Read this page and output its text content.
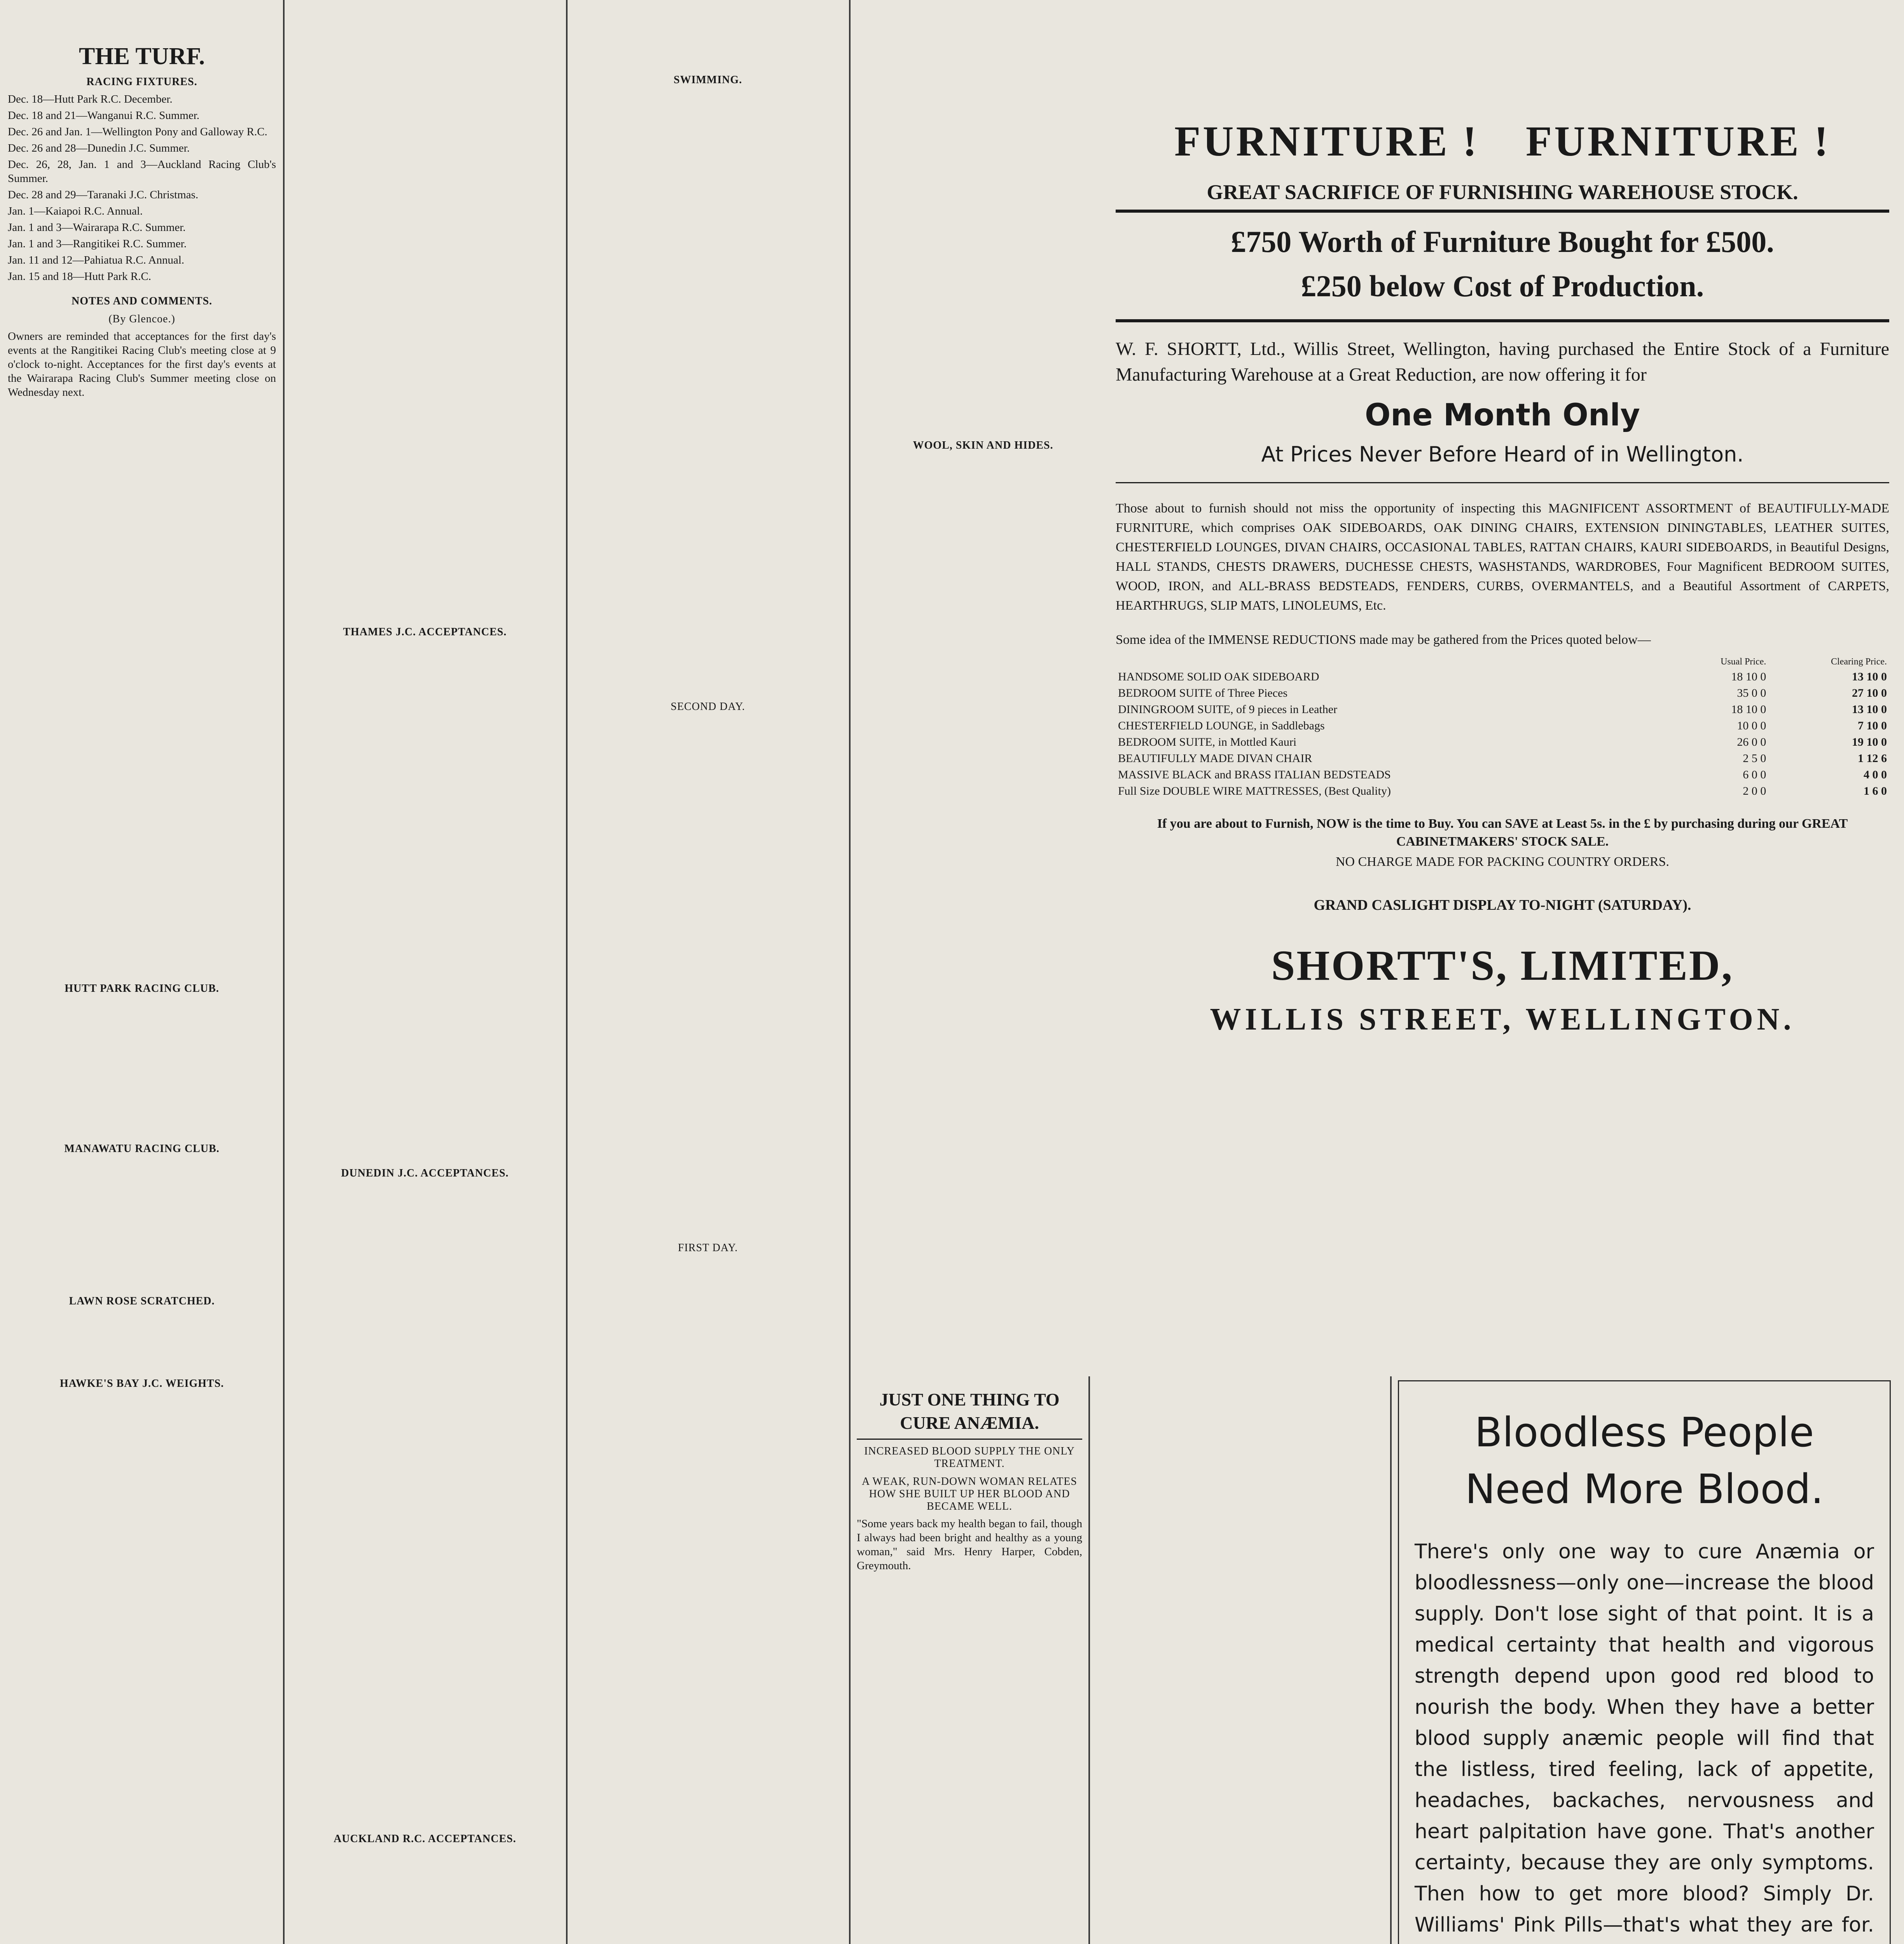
THE TURF.
RACING FIXTURES.
Dec. 18—Hutt Park R.C. December.
Dec. 18 and 21—Wanganui R.C. Summer.
Dec. 26 and Jan. 1—Wellington Pony and Galloway R.C.
Dec. 26 and 28—Dunedin J.C. Summer.
Dec. 26, 28, Jan. 1 and 3—Auckland Racing Club's Summer.
Dec. 28 and 29—Taranaki J.C. Christmas.
Jan. 1—Kaiapoi R.C. Annual.
Jan. 1 and 3—Wairarapa R.C. Summer.
Jan. 1 and 3—Rangitikei R.C. Summer.
Jan. 11 and 12—Pahiatua R.C. Annual.
Jan. 15 and 18—Hutt Park R.C.
NOTES AND COMMENTS.
(By Glencoe.)
Owners are reminded that acceptances for the first day's events at the Rangitikei Racing Club's meeting close at 9 o'clock to-night. Acceptances for the first day's events at the Wairarapa Racing Club's Summer meeting close on Wednesday next.
HUTT PARK RACING CLUB.
MANAWATU RACING CLUB.
LAWN ROSE SCRATCHED.
HAWKE'S BAY J.C. WEIGHTS.
THAMES J.C. ACCEPTANCES.
DUNEDIN J.C. ACCEPTANCES.
AUCKLAND R.C. ACCEPTANCES.
SWIMMING.
SECOND DAY.
FIRST DAY.
WOOL, SKIN AND HIDES.
FURNITURE ! FURNITURE !
GREAT SACRIFICE OF FURNISHING WAREHOUSE STOCK.
£750 Worth of Furniture Bought for £500.
£250 below Cost of Production.
W. F. SHORTT, Ltd., Willis Street, Wellington, having purchased the Entire Stock of a Furniture Manufacturing Warehouse at a Great Reduction, are now offering it for
One Month Only
At Prices Never Before Heard of in Wellington.
Those about to furnish should not miss the opportunity of inspecting this MAGNIFICENT ASSORTMENT of BEAUTIFULLY-MADE FURNITURE, which comprises OAK SIDEBOARDS, OAK DINING CHAIRS, EXTENSION DININGTABLES, LEATHER SUITES, CHESTERFIELD LOUNGES, DIVAN CHAIRS, OCCASIONAL TABLES, RATTAN CHAIRS, KAURI SIDEBOARDS, in Beautiful Designs, HALL STANDS, CHESTS DRAWERS, DUCHESSE CHESTS, WASHSTANDS, WARDROBES, Four Magnificent BEDROOM SUITES, WOOD, IRON, and ALL-BRASS BEDSTEADS, FENDERS, CURBS, OVERMANTELS, and a Beautiful Assortment of CARPETS, HEARTHRUGS, SLIP MATS, LINOLEUMS, Etc.
Some idea of the IMMENSE REDUCTIONS made may be gathered from the Prices quoted below—
	Usual Price.	Clearing Price.
HANDSOME SOLID OAK SIDEBOARD	18 10 0	13 10 0
BEDROOM SUITE of Three Pieces	35 0 0	27 10 0
DININGROOM SUITE, of 9 pieces in Leather	18 10 0	13 10 0
CHESTERFIELD LOUNGE, in Saddlebags	10 0 0	7 10 0
BEDROOM SUITE, in Mottled Kauri	26 0 0	19 10 0
BEAUTIFULLY MADE DIVAN CHAIR	2 5 0	1 12 6
MASSIVE BLACK and BRASS ITALIAN BEDSTEADS	6 0 0	4 0 0
Full Size DOUBLE WIRE MATTRESSES, (Best Quality)	2 0 0	1 6 0
If you are about to Furnish, NOW is the time to Buy. You can SAVE at Least 5s. in the £ by purchasing during our GREAT CABINETMAKERS' STOCK SALE.
NO CHARGE MADE FOR PACKING COUNTRY ORDERS.
GRAND CASLIGHT DISPLAY TO-NIGHT (SATURDAY).
SHORTT'S, LIMITED,
WILLIS STREET, WELLINGTON.
JUST ONE THING TO CURE ANÆMIA.
INCREASED BLOOD SUPPLY THE ONLY TREATMENT.
A WEAK, RUN-DOWN WOMAN RELATES HOW SHE BUILT UP HER BLOOD AND BECAME WELL.
"Some years back my health began to fail, though I always had been bright and healthy as a young woman," said Mrs. Henry Harper, Cobden, Greymouth.
Bloodless People
Need More Blood.
There's only one way to cure Anæmia or bloodlessness—only one—increase the blood supply. Don't lose sight of that point. It is a medical certainty that health and vigorous strength depend upon good red blood to nourish the body. When they have a better blood supply anæmic people will find that the listless, tired feeling, lack of appetite, headaches, backaches, nervousness and heart palpitation have gone. That's another certainty, because they are only symptoms. Then how to get more blood? Simply Dr. Williams' Pink Pills—that's what they are for.
